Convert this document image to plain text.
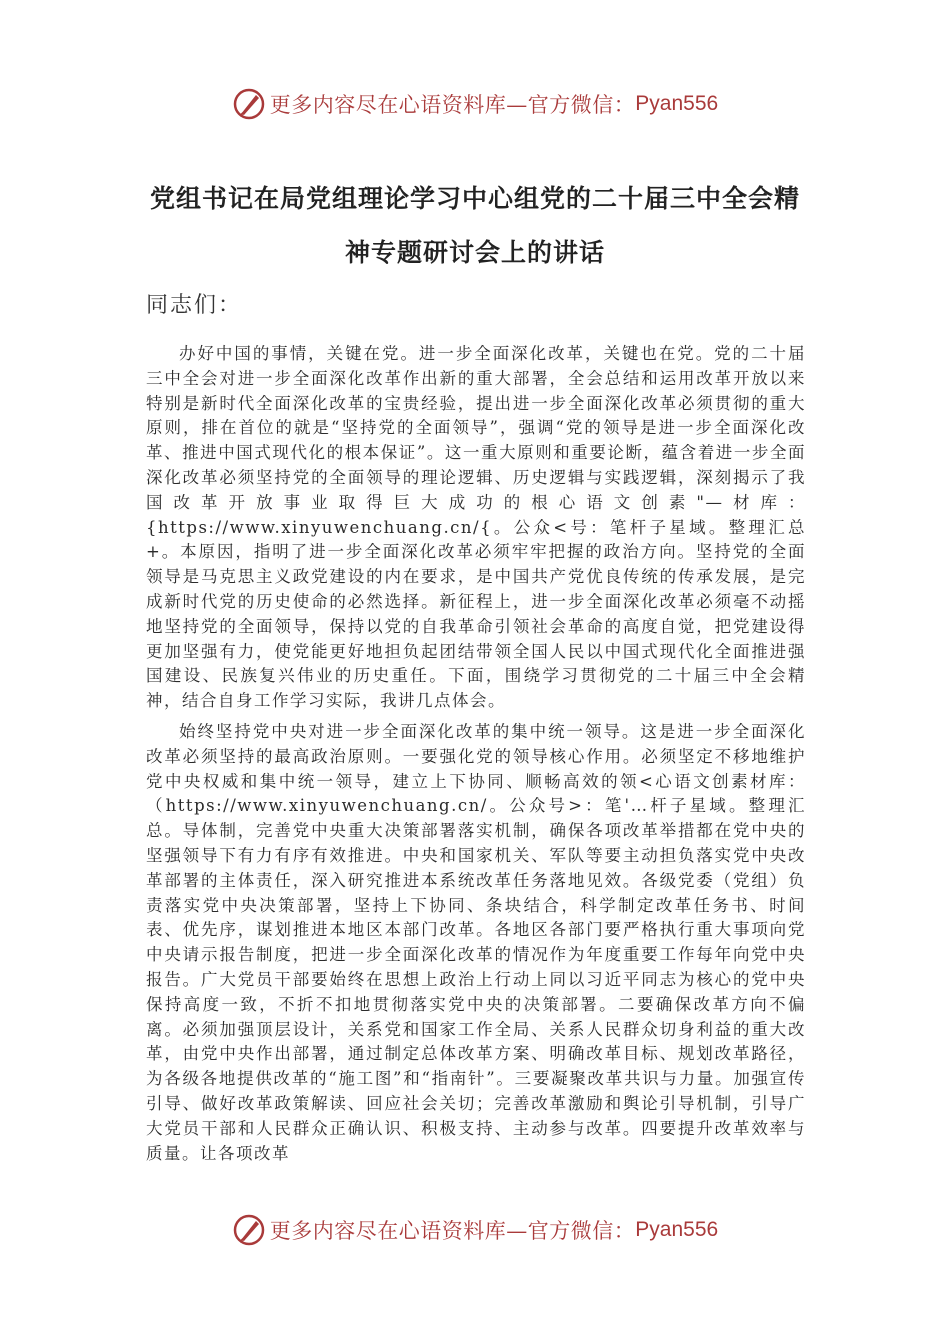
更多内容尽在心语资料库—官方微信： Pyan556
党组书记在局党组理论学习中心组党的二十届三中全会精神专题研讨会上的讲话
同志们：

办好中国的事情，关键在党。进一步全面深化改革，关键也在党。党的二十届三中全会对进一步全面深化改革作出新的重大部署，全会总结和运用改革开放以来特别是新时代全面深化改革的宝贵经验，提出进一步全面深化改革必须贯彻的重大原则，排在首位的就是“坚持党的全面领导”，强调“党的领导是进一步全面深化改革、推进中国式现代化的根本保证”。这一重大原则和重要论断，蕴含着进一步全面深化改革必须坚持党的全面领导的理论逻辑、历史逻辑与实践逻辑，深刻揭示了我国改革开放事业取得巨大成功的根心语文创素"—材库：{https://www.xinyuwenchuang.cn/{。公众<号：笔杆子星域。整理汇总+。本原因，指明了进一步全面深化改革必须牢牢把握的政治方向。坚持党的全面领导是马克思主义政党建设的内在要求，是中国共产党优良传统的传承发展，是完成新时代党的历史使命的必然选择。新征程上，进一步全面深化改革必须毫不动摇地坚持党的全面领导，保持以党的自我革命引领社会革命的高度自觉，把党建设得更加坚强有力，使党能更好地担负起团结带领全国人民以中国式现代化全面推进强国建设、民族复兴伟业的历史重任。下面，围绕学习贯彻党的二十届三中全会精神，结合自身工作学习实际，我讲几点体会。

始终坚持党中央对进一步全面深化改革的集中统一领导。这是进一步全面深化改革必须坚持的最高政治原则。一要强化党的领导核心作用。必须坚定不移地维护党中央权威和集中统一领导，建立上下协同、顺畅高效的领<心语文创素材库：（https://www.xinyuwenchuang.cn/。公众号>：笔'…杆子星域。整理汇总。导体制，完善党中央重大决策部署落实机制，确保各项改革举措都在党中央的坚强领导下有力有序有效推进。中央和国家机关、军队等要主动担负落实党中央改革部署的主体责任，深入研究推进本系统改革任务落地见效。各级党委（党组）负责落实党中央决策部署，坚持上下协同、条块结合，科学制定改革任务书、时间表、优先序，谋划推进本地区本部门改革。各地区各部门要严格执行重大事项向党中央请示报告制度，把进一步全面深化改革的情况作为年度重要工作每年向党中央报告。广大党员干部要始终在思想上政治上行动上同以习近平同志为核心的党中央保持高度一致，不折不扣地贯彻落实党中央的决策部署。二要确保改革方向不偏离。必须加强顶层设计，关系党和国家工作全局、关系人民群众切身利益的重大改革，由党中央作出部署，通过制定总体改革方案、明确改革目标、规划改革路径，为各级各地提供改革的“施工图”和“指南针”。三要凝聚改革共识与力量。加强宣传引导、做好改革政策解读、回应社会关切；完善改革激励和舆论引导机制，引导广大党员干部和人民群众正确认识、积极支持、主动参与改革。四要提升改革效率与质量。让各项改革

更多内容尽在心语资料库—官方微信： Pyan556
